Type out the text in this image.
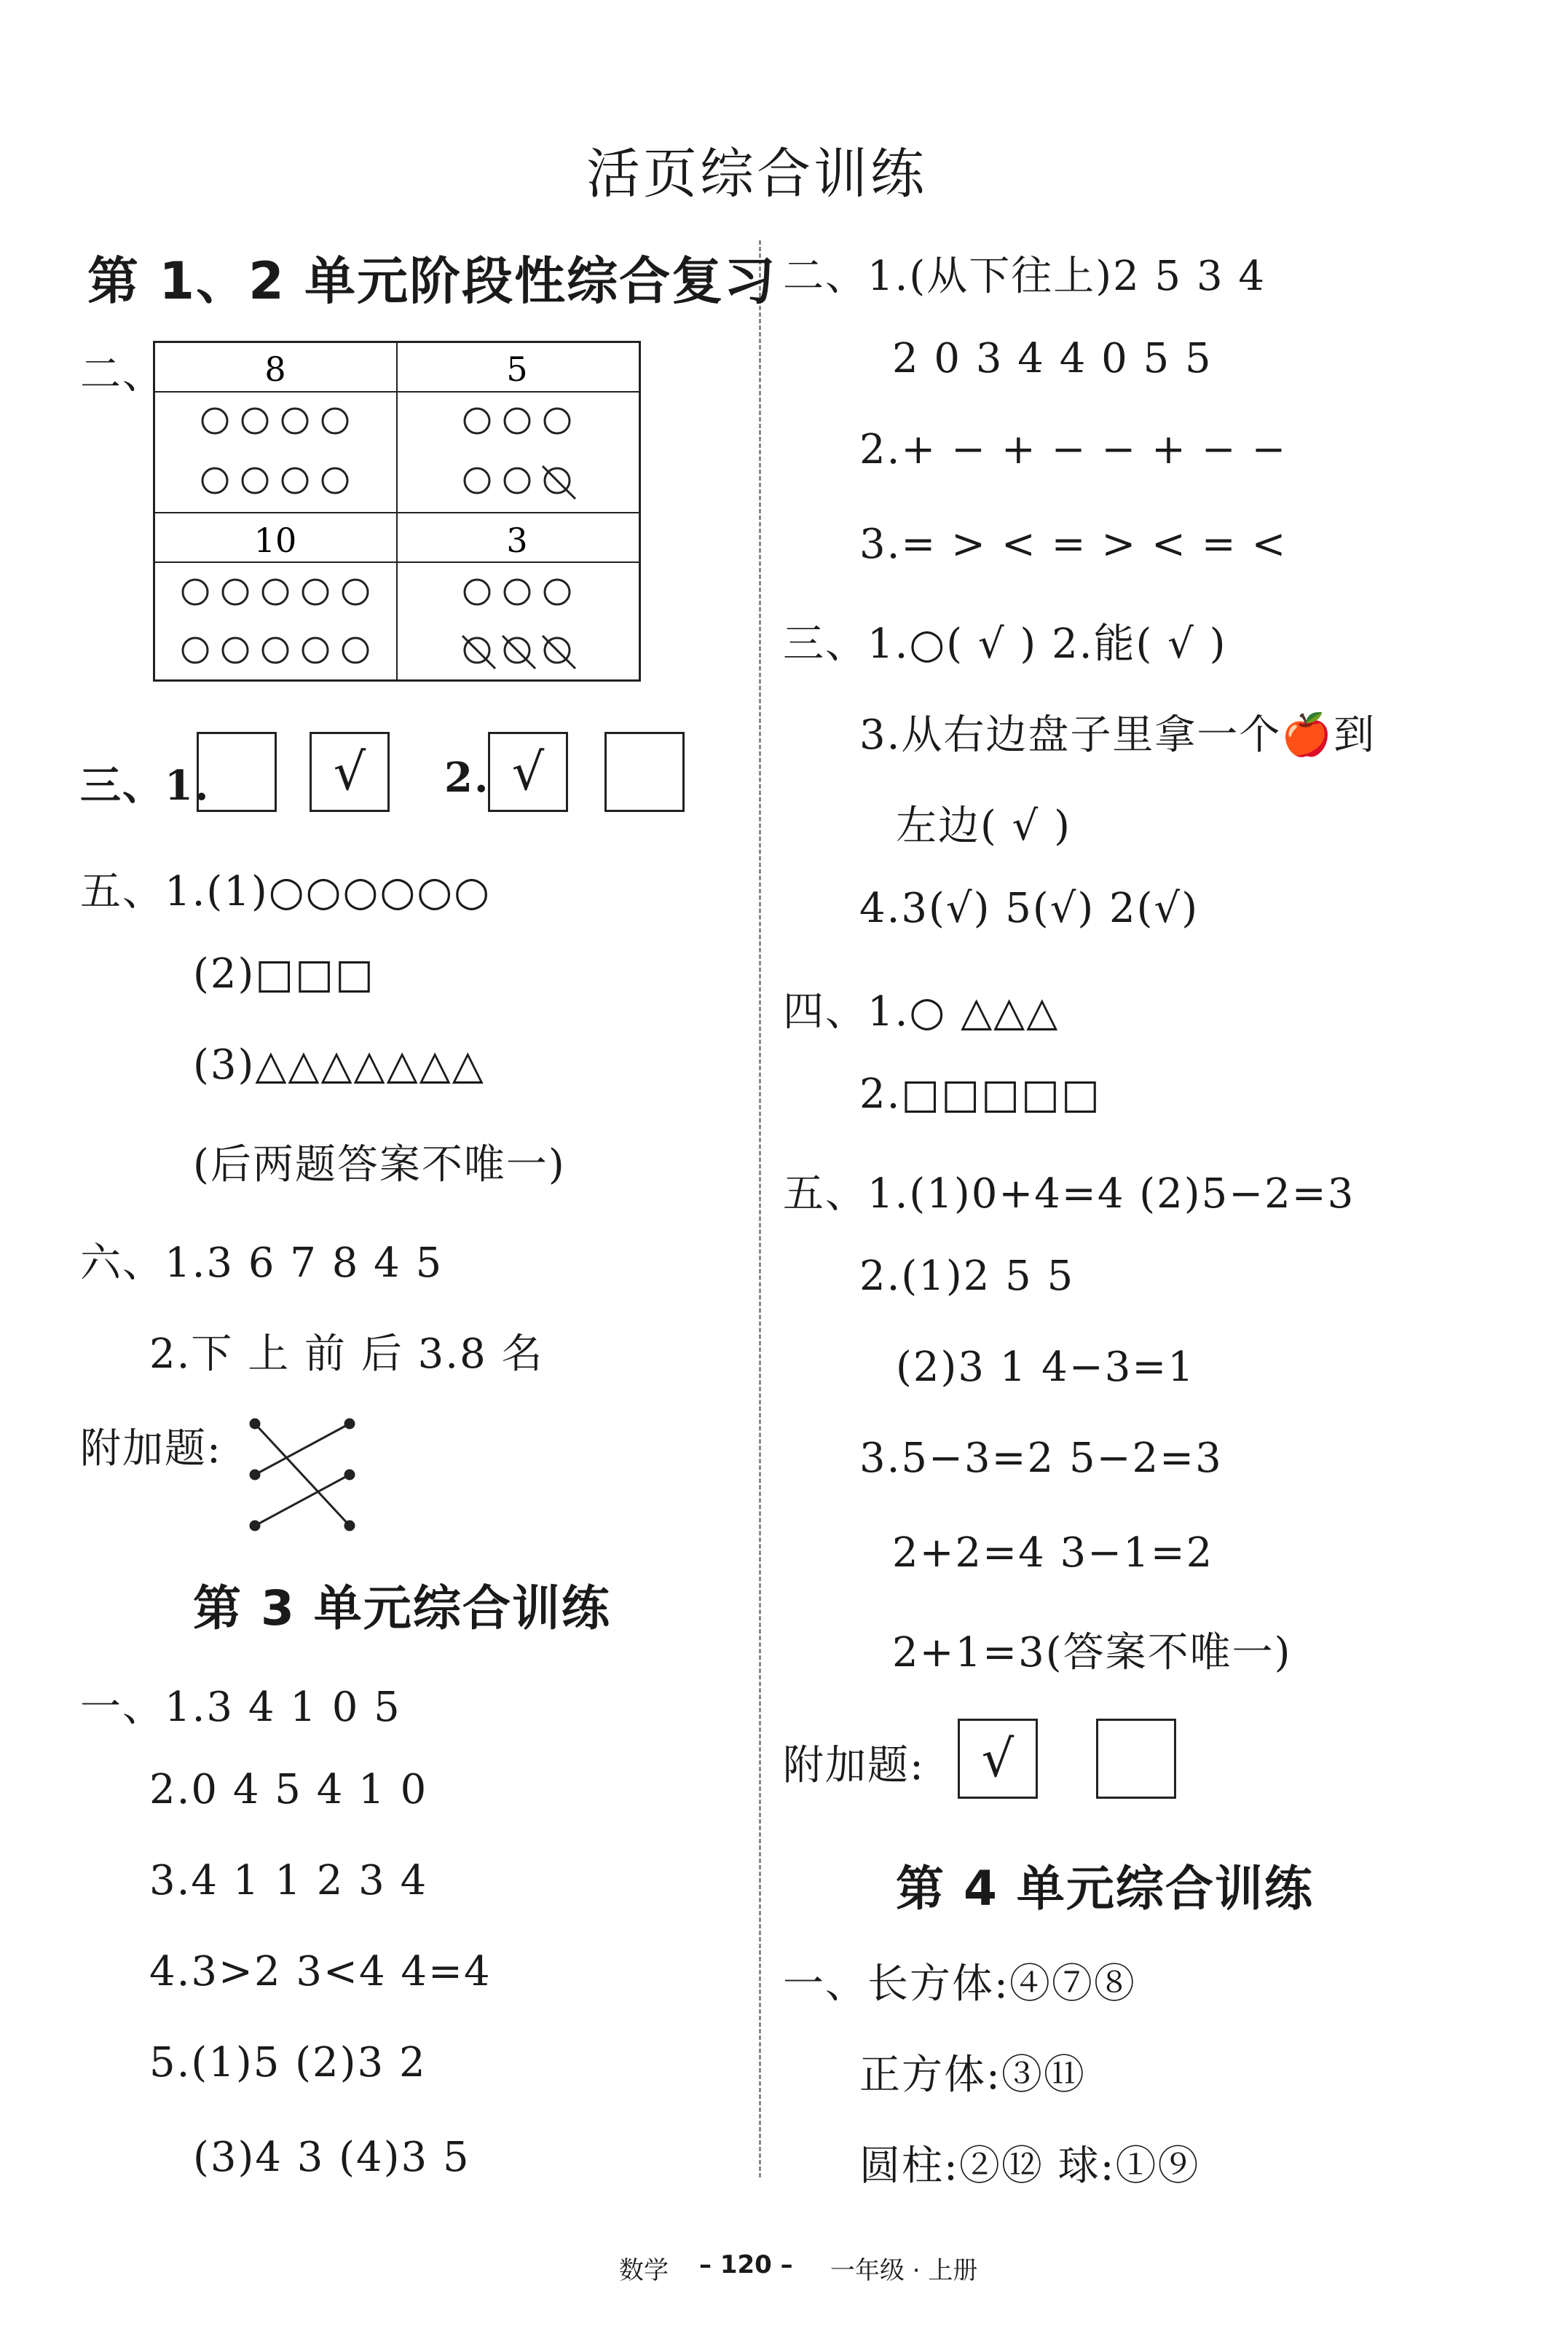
活页综合训练
第 1、2 单元阶段性综合复习
二、	8	5
10	3
三、1.	√	2. √
五、1.(1)○○○○○○
(2)□□□
(3)△△△△△△△
(后两题答案不唯一)
六、1.3 6 7 8 4 5
2.下 上 前 后 3.8 名
附加题:
第 3 单元综合训练
一、1.3 4 1 0 5
2.0 4 5 4 1 0
3.4 1 1 2 3 4
4.3>2 3<4 4=4
5.(1)5 (2)3 2
(3)4 3 (4)3 5
二、1.(从下往上)2 5 3 4
2 0 3 4 4 0 5 5
2.+ − + − − + − −
3.= > < = > < = <
三、1.○( √ ) 2.能( √ )
3.从右边盘子里拿一个🍎到
左边( √ )
4.3(√) 5(√) 2(√)
四、1.○ △△△
2.□□□□□
五、1.(1)0+4=4 (2)5−2=3
2.(1)2 5 5
(2)3 1 4−3=1
3.5−3=2 5−2=3
2+2=4 3−1=2
2+1=3(答案不唯一)
附加题:	√
第 4 单元综合训练
一、长方体:④⑦⑧
正方体:③⑪
圆柱:②⑫ 球:①⑨
数学 – 120 – 一年级 · 上册
